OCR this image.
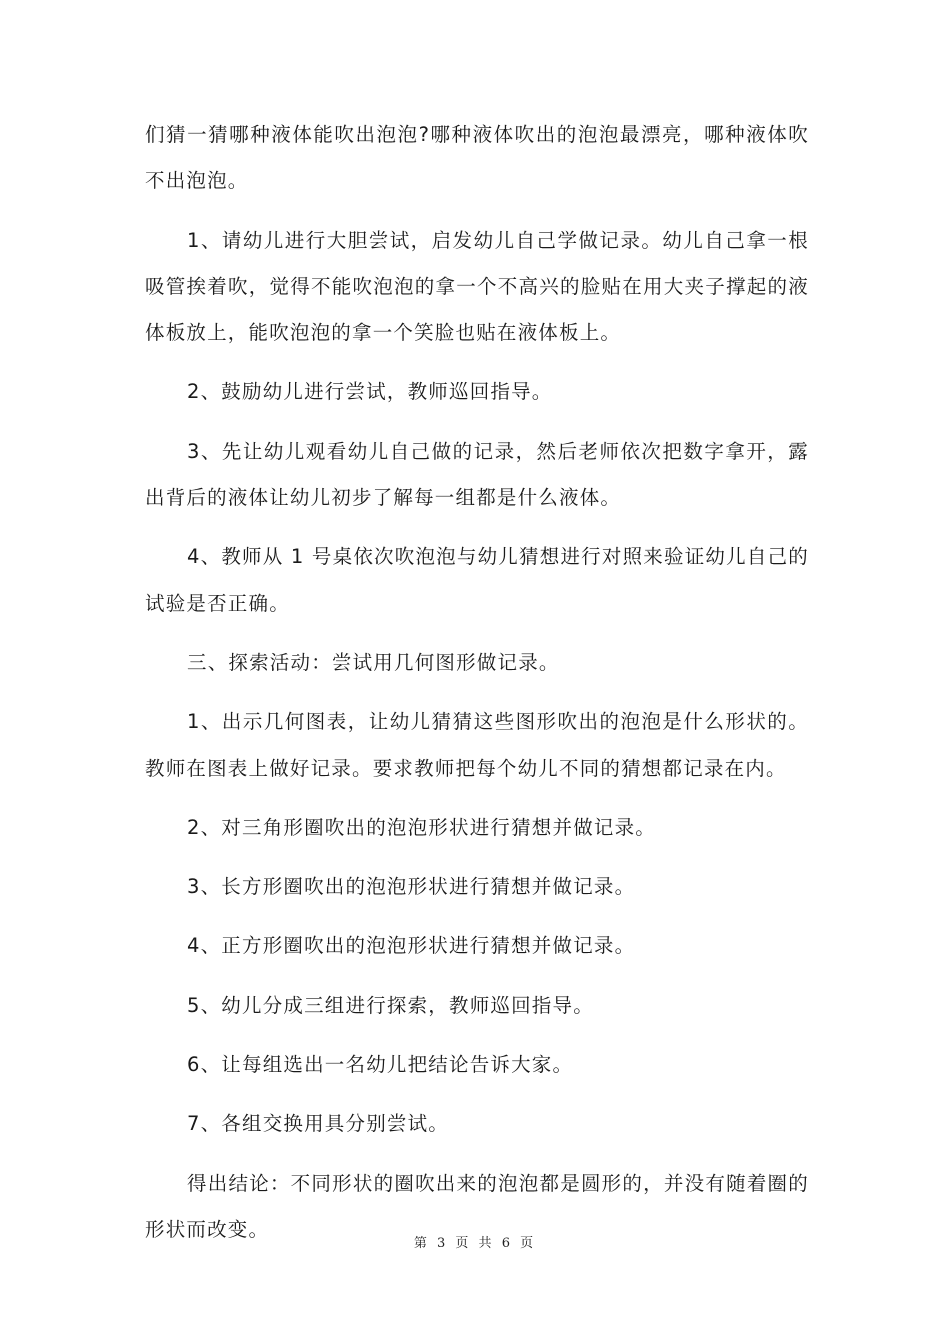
们猜一猜哪种液体能吹出泡泡?哪种液体吹出的泡泡最漂亮，哪种液体吹不出泡泡。

1、请幼儿进行大胆尝试，启发幼儿自己学做记录。幼儿自己拿一根吸管挨着吹，觉得不能吹泡泡的拿一个不高兴的脸贴在用大夹子撑起的液体板放上，能吹泡泡的拿一个笑脸也贴在液体板上。

2、鼓励幼儿进行尝试，教师巡回指导。

3、先让幼儿观看幼儿自己做的记录，然后老师依次把数字拿开，露出背后的液体让幼儿初步了解每一组都是什么液体。

4、教师从 1 号桌依次吹泡泡与幼儿猜想进行对照来验证幼儿自己的试验是否正确。

三、探索活动：尝试用几何图形做记录。

1、出示几何图表，让幼儿猜猜这些图形吹出的泡泡是什么形状的。教师在图表上做好记录。要求教师把每个幼儿不同的猜想都记录在内。

2、对三角形圈吹出的泡泡形状进行猜想并做记录。

3、长方形圈吹出的泡泡形状进行猜想并做记录。

4、正方形圈吹出的泡泡形状进行猜想并做记录。

5、幼儿分成三组进行探索，教师巡回指导。

6、让每组选出一名幼儿把结论告诉大家。

7、各组交换用具分别尝试。

得出结论：不同形状的圈吹出来的泡泡都是圆形的，并没有随着圈的形状而改变。

第 3 页 共 6 页
